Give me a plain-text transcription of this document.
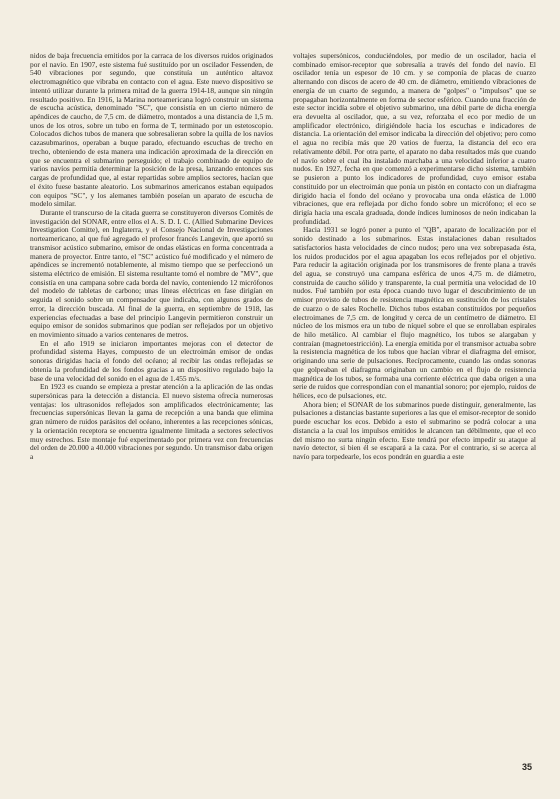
nidos de baja frecuencia emitidos por la carraca de los diversos ruidos originados por el navío. En 1907, este sistema fué sustituído por un oscilador Fessenden, de 540 vibraciones por segundo, que constituía un auténtico altavoz electromagnético que vibraba en contacto con el agua. Este nuevo dispositivo se intentó utilizar durante la primera mitad de la guerra 1914-18, aunque sin ningún resultado positivo. En 1916, la Marina norteamericana logró construir un sistema de escucha acústica, denominado "SC", que consistía en un cierto número de apéndices de caucho, de 7,5 cm. de diámetro, montados a una distancia de 1,5 m. unos de los otros, sobre un tubo en forma de T, terminado por un estetoscopio. Colocados dichos tubos de manera que sobresalieran sobre la quilla de los navíos cazasubmarinos, operaban a buque parado, efectuando escuchas de trecho en trecho, obteniendo de esta manera una indicación aproximada de la dirección en que se encuentra el submarino perseguido; el trabajo combinado de equipo de varios navíos permitía determinar la posición de la presa, lanzando entonces sus cargas de profundidad que, al estar repartidas sobre amplios sectores, hacían que el éxito fuese bastante aleatorio. Los submarinos americanos estaban equipados con equipos "SC", y los alemanes también poseían un aparato de escucha de modelo similar.

Durante el transcurso de la citada guerra se constituyeron diversos Comités de investigación del SONAR, entre ellos el A. S. D. I. C. (Allied Submarine Devices Investigation Comitte), en Inglaterra, y el Consejo Nacional de Investigaciones norteamericano, al que fué agregado el profesor francés Langevin, que aportó su transmisor acústico submarino, emisor de ondas elásticas en forma concentrada a manera de proyector. Entre tanto, el "SC" acústico fué modificado y el número de apéndices se incrementó notablemente, al mismo tiempo que se perfeccionó un sistema eléctrico de emisión. El sistema resultante tomó el nombre de "MV", que consistía en una campana sobre cada borda del navío, conteniendo 12 micrófonos del modelo de tabletas de carbono; unas líneas eléctricas en fase dirigían en seguida el sonido sobre un compensador que indicaba, con algunos grados de error, la dirección buscada. Al final de la guerra, en septiembre de 1918, las experiencias efectuadas a base del principio Langevin permitieron construir un equipo emisor de sonidos submarinos que podían ser reflejados por un objetivo en movimiento situado a varios centenares de metros.

En el año 1919 se iniciaron importantes mejoras con el detector de profundidad sistema Hayes, compuesto de un electroimán emisor de ondas sonoras dirigidas hacia el fondo del océano; al recibir las ondas reflejadas se obtenía la profundidad de los fondos gracias a un dispositivo regulado bajo la base de una velocidad del sonido en el agua de 1.455 m/s.

En 1923 es cuando se empieza a prestar atención a la aplicación de las ondas supersónicas para la detección a distancia. El nuevo sistema ofrecía numerosas ventajas: los ultrasonidos reflejados son amplificados electrónicamente; las frecuencias supersónicas llevan la gama de recepción a una banda que elimina gran número de ruidos parásitos del océano, inherentes a las recepciones sónicas, y la orientación receptora se encuentra igualmente limitada a sectores selectivos muy estrechos. Este montaje fué experimentado por primera vez con frecuencias del orden de 20.000 a 40.000 vibraciones por segundo. Un transmisor daba origen a

voltajes supersónicos, conduciéndoles, por medio de un oscilador, hacia el combinado emisor-receptor que sobresalía a través del fondo del navío. El oscilador tenía un espesor de 10 cm. y se componía de placas de cuarzo alternando con discos de acero de 40 cm. de diámetro, emitiendo vibraciones de energía de un cuarto de segundo, a manera de "golpes" o "impulsos" que se propagaban horizontalmente en forma de sector esférico. Cuando una fracción de este sector incidía sobre el objetivo submarino, una débil parte de dicha energía era devuelta al oscilador, que, a su vez, reforzaba el eco por medio de un amplificador electrónico, dirigiéndole hacia los escuchas e indicadores de distancia. La orientación del emisor indicaba la dirección del objetivo; pero como el agua no recibía más que 20 vatios de fuerza, la distancia del eco era relativamente débil. Por otra parte, el aparato no daba resultados más que cuando el navío sobre el cual iba instalado marchaba a una velocidad inferior a cuatro nudos. En 1927, fecha en que comenzó a experimentarse dicho sistema, también se pusieron a punto los indicadores de profundidad, cuyo emisor estaba constituído por un electroimán que ponía un pistón en contacto con un diafragma dirigido hacia el fondo del océano y provocaba una onda elástica de 1.000 vibraciones, que era reflejada por dicho fondo sobre un micrófono; el eco se dirigía hacia una escala graduada, donde índices luminosos de neón indicaban la profundidad.

Hacia 1931 se logró poner a punto el "QB", aparato de localización por el sonido destinado a los submarinos. Estas instalaciones daban resultados satisfactorios hasta velocidades de cinco nudos; pero una vez sobrepasada ésta, los ruidos producidos por el agua apagaban los ecos reflejados por el objetivo. Para reducir la agitación originada por los transmisores de frente plana a través del agua, se construyó una campana esférica de unos 4,75 m. de diámetro, construida de caucho sólido y transparente, la cual permitía una velocidad de 10 nudos. Fué también por esta época cuando tuvo lugar el descubrimiento de un emisor provisto de tubos de resistencia magnética en sustitución de los cristales de cuarzo o de sales Rochelle. Dichos tubos estaban constituídos por pequeños electroimanes de 7,5 cm. de longitud y cerca de un centímetro de diámetro. El núcleo de los mismos era un tubo de níquel sobre el que se enrollaban espirales de hilo metálico. Al cambiar el flujo magnético, los tubos se alargaban y contraían (magnetoestricción). La energía emitida por el transmisor actuaba sobre la resistencia magnética de los tubos que hacían vibrar el diafragma del emisor, originando una serie de pulsaciones. Recíprocamente, cuando las ondas sonoras que golpeaban el diafragma originaban un cambio en el flujo de resistencia magnética de los tubos, se formaba una corriente eléctrica que daba origen a una serie de ruidos que correspondían con el manantial sonoro; por ejemplo, ruidos de hélices, eco de pulsaciones, etc.

Ahora bien; el SONAR de los submarinos puede distinguir, generalmente, las pulsaciones a distancias bastante superiores a las que el emisor-receptor de sonido puede escuchar los ecos. Debido a esto el submarino se podrá colocar a una distancia a la cual los impulsos emitidos le alcancen tan débilmente, que el eco del mismo no surta ningún efecto. Este tendrá por efecto impedir su ataque al navío detector, si bien él se escapará a la caza. Por el contrario, si se acerca al navío para torpedearle, los ecos pondrán en guardia a este

35
